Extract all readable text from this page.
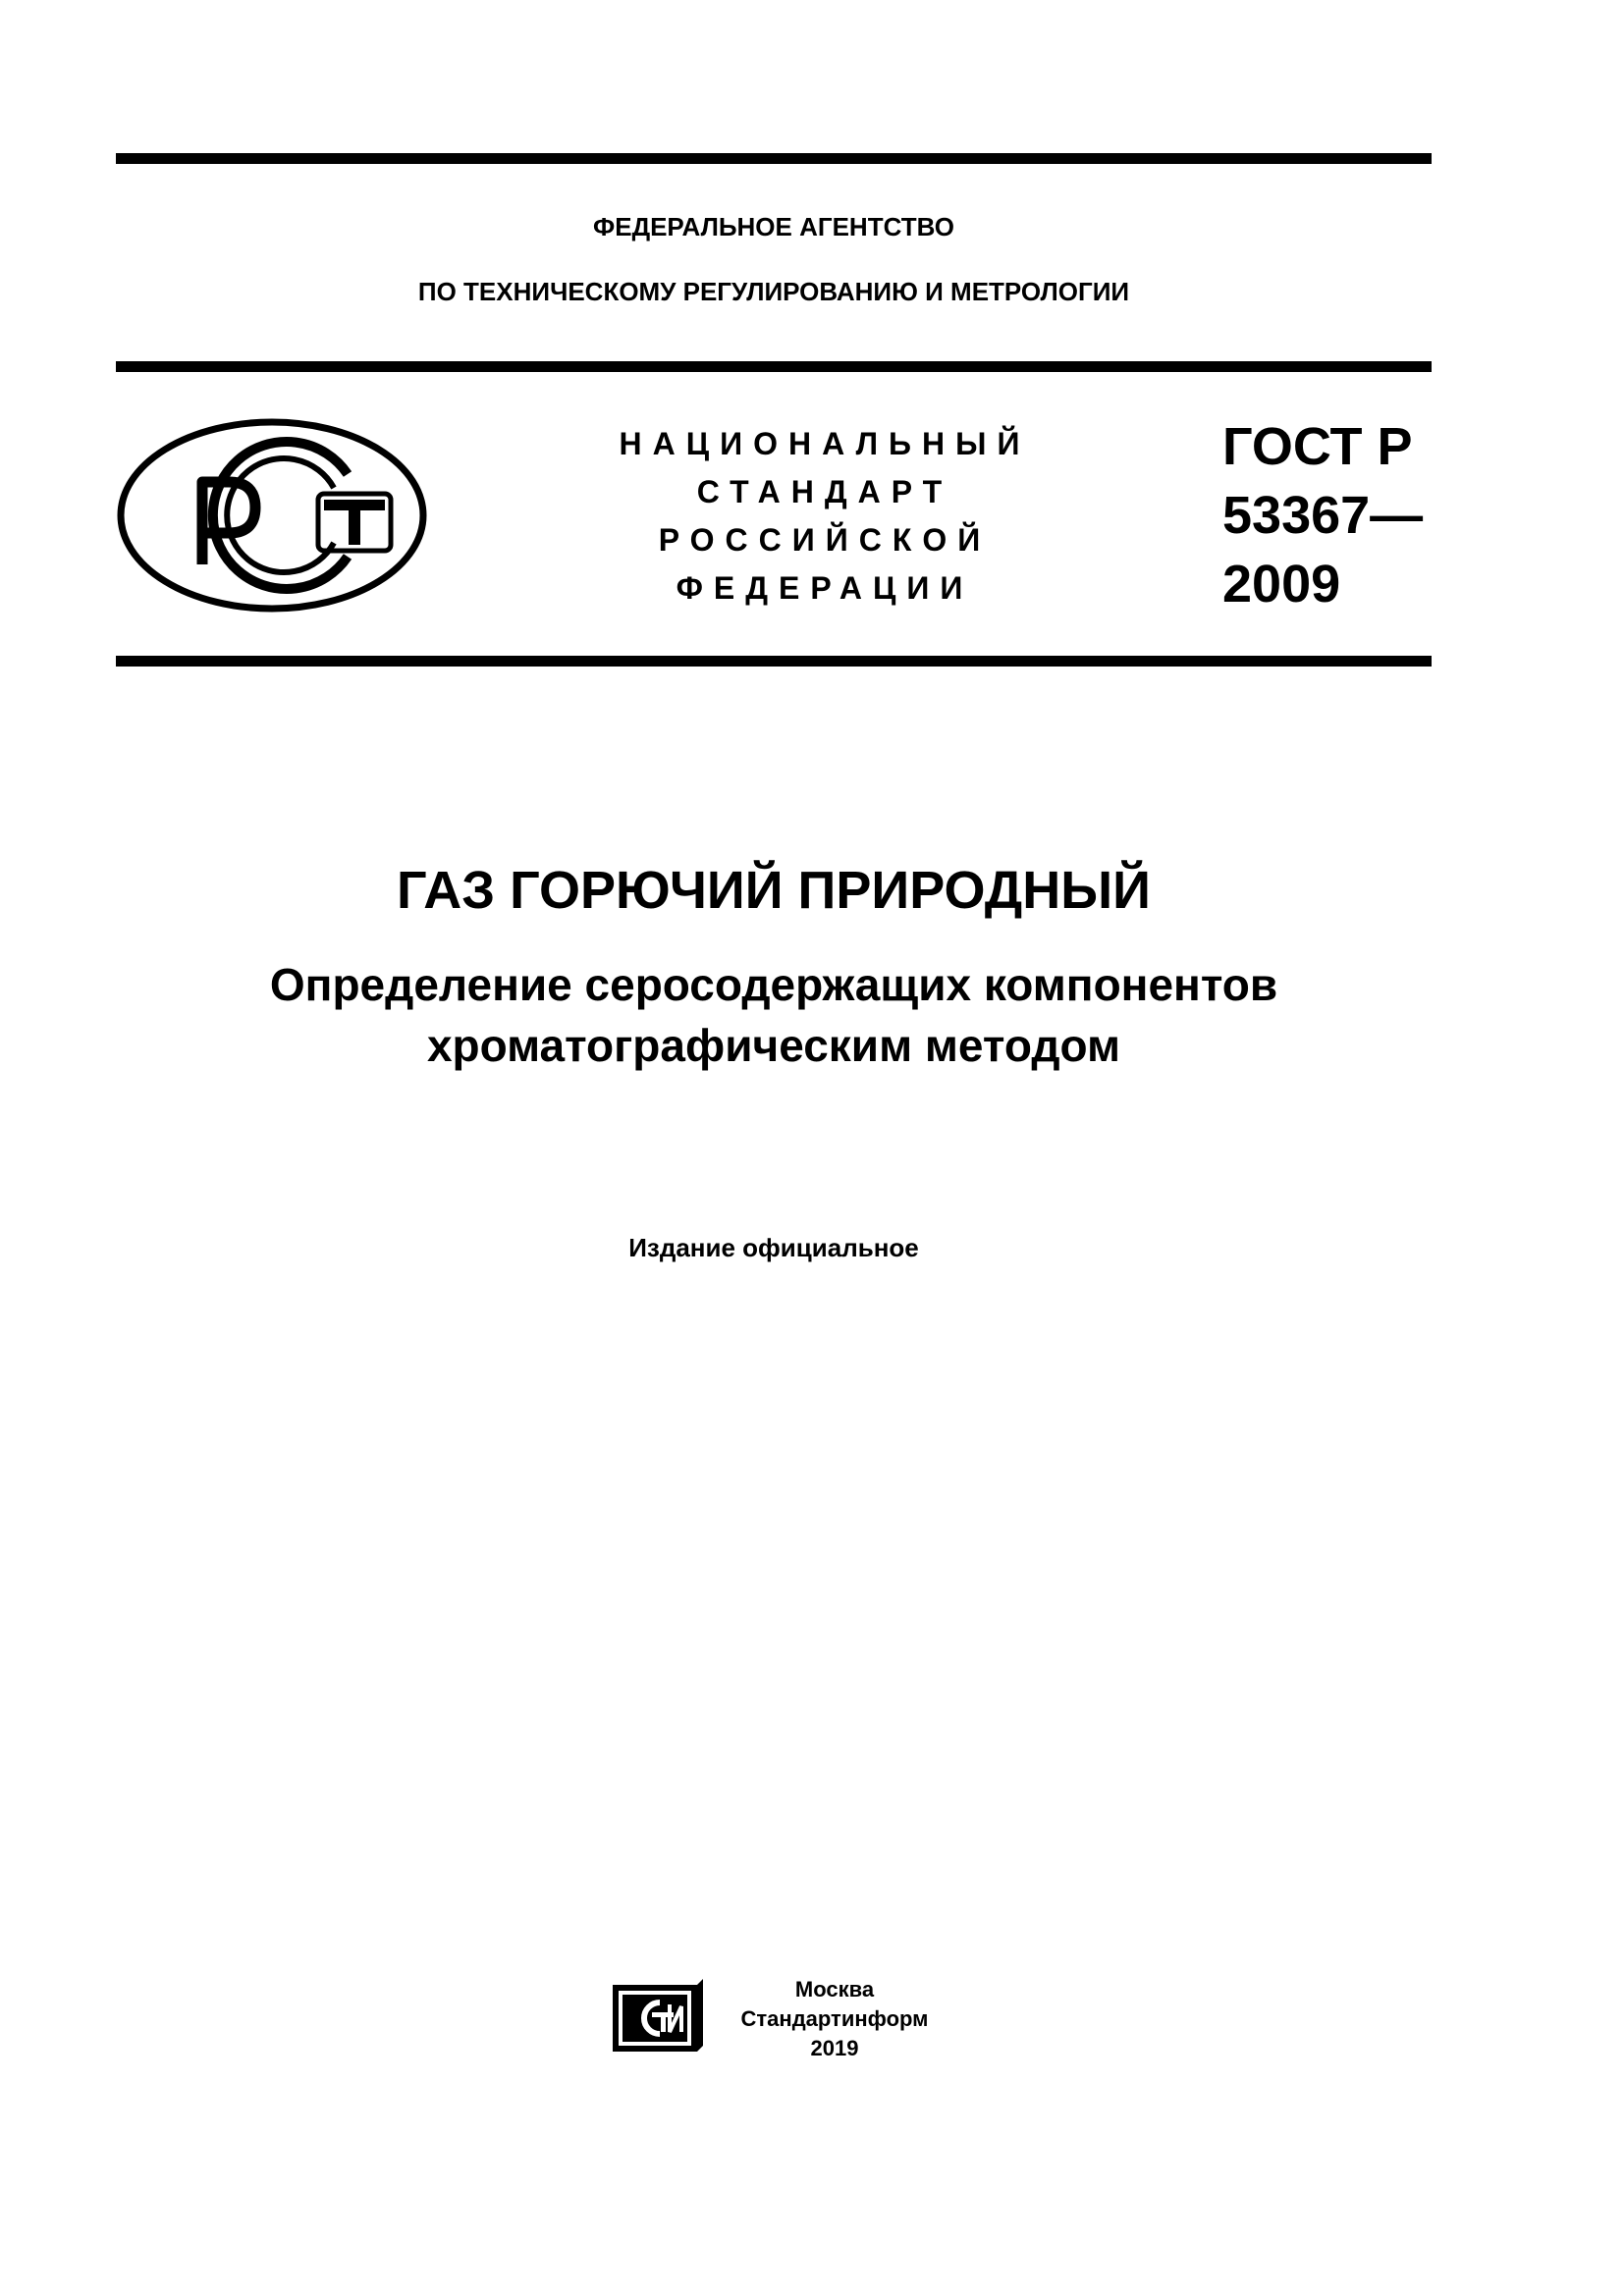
ФЕДЕРАЛЬНОЕ АГЕНТСТВО
ПО ТЕХНИЧЕСКОМУ РЕГУЛИРОВАНИЮ И МЕТРОЛОГИИ
НАЦИОНАЛЬНЫЙ
СТАНДАРТ
РОССИЙСКОЙ
ФЕДЕРАЦИИ
ГОСТ Р
53367—
2009
ГАЗ ГОРЮЧИЙ ПРИРОДНЫЙ
Определение серосодержащих компонентов
хроматографическим методом
Издание официальное
Москва
Стандартинформ
2019
